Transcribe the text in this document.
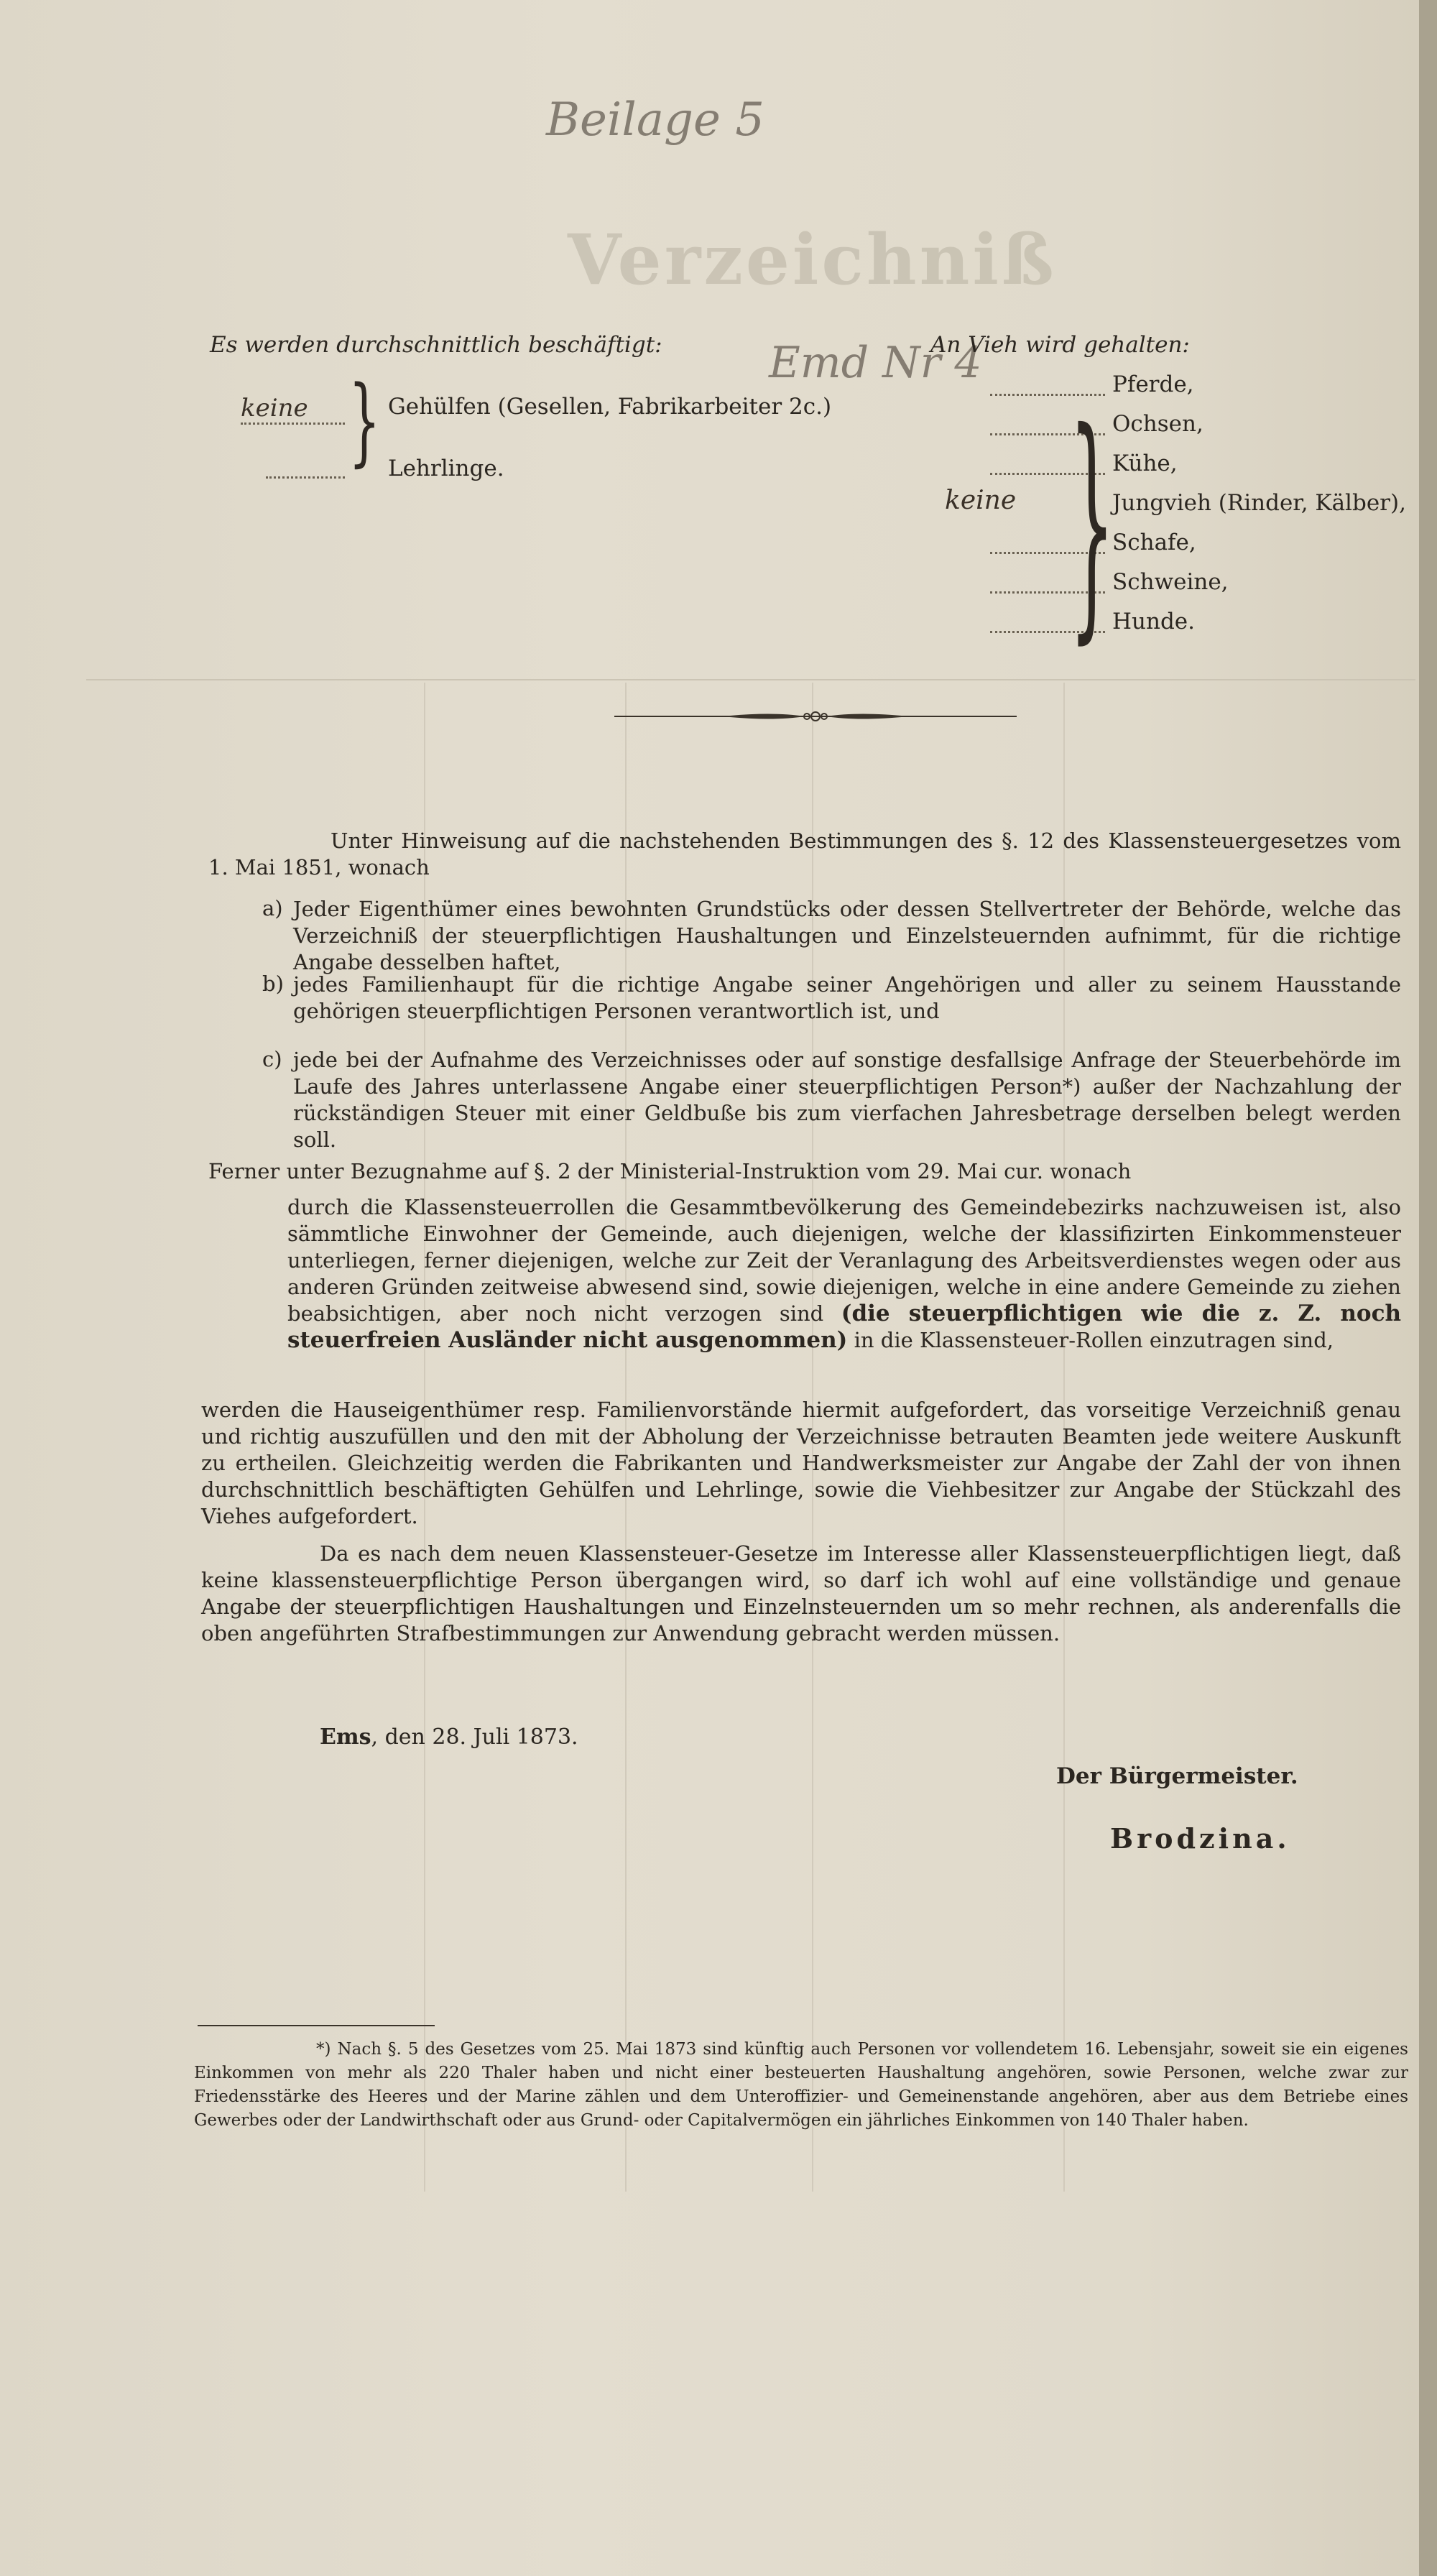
Beilage 5
Verzeichniß
Emd Nr 4
Es werden durchschnittlich beschäftigt:
keine } Gehülfen (Gesellen, Fabrikarbeiter 2c.)
Lehrlinge.
An Vieh wird gehalten:
keine }
Pferde,
Ochsen,
Kühe,
Jungvieh (Rinder, Kälber),
Schafe,
Schweine,
Hunde.

Unter Hinweisung auf die nachstehenden Bestimmungen des §. 12 des Klassensteuergesetzes vom 1. Mai 1851, wonach

a) Jeder Eigenthümer eines bewohnten Grundstücks oder dessen Stellvertreter der Behörde, welche das Verzeichniß der steuerpflichtigen Haushaltungen und Einzelsteuernden aufnimmt, für die richtige Angabe desselben haftet,
b) jedes Familienhaupt für die richtige Angabe seiner Angehörigen und aller zu seinem Hausstande gehörigen steuerpflichtigen Personen verantwortlich ist, und
c) jede bei der Aufnahme des Verzeichnisses oder auf sonstige desfallsige Anfrage der Steuerbehörde im Laufe des Jahres unterlassene Angabe einer steuerpflichtigen Person*) außer der Nachzahlung der rückständigen Steuer mit einer Geldbuße bis zum vierfachen Jahresbetrage derselben belegt werden soll.
Ferner unter Bezugnahme auf §. 2 der Ministerial-Instruktion vom 29. Mai cur. wonach
durch die Klassensteuerrollen die Gesammtbevölkerung des Gemeindebezirks nachzuweisen ist, also sämmtliche Einwohner der Gemeinde, auch diejenigen, welche der klassifizirten Einkommensteuer unterliegen, ferner diejenigen, welche zur Zeit der Veranlagung des Arbeitsverdienstes wegen oder aus anderen Gründen zeitweise abwesend sind, sowie diejenigen, welche in eine andere Gemeinde zu ziehen beabsichtigen, aber noch nicht verzogen sind (die steuerpflichtigen wie die z. Z. noch steuerfreien Ausländer nicht ausgenommen) in die Klassensteuer-Rollen einzutragen sind,
werden die Hauseigenthümer resp. Familienvorstände hiermit aufgefordert, das vorseitige Verzeichniß genau und richtig auszufüllen und den mit der Abholung der Verzeichnisse betrauten Beamten jede weitere Auskunft zu ertheilen. Gleichzeitig werden die Fabrikanten und Handwerksmeister zur Angabe der Zahl der von ihnen durchschnittlich beschäftigten Gehülfen und Lehrlinge, sowie die Viehbesitzer zur Angabe der Stückzahl des Viehes aufgefordert.
Da es nach dem neuen Klassensteuer-Gesetze im Interesse aller Klassensteuerpflichtigen liegt, daß keine klassensteuerpflichtige Person übergangen wird, so darf ich wohl auf eine vollständige und genaue Angabe der steuerpflichtigen Haushaltungen und Einzelnsteuernden um so mehr rechnen, als anderenfalls die oben angeführten Strafbestimmungen zur Anwendung gebracht werden müssen.
Ems, den 28. Juli 1873.
Der Bürgermeister.
Brodzina.
*) Nach §. 5 des Gesetzes vom 25. Mai 1873 sind künftig auch Personen vor vollendetem 16. Lebensjahr, soweit sie ein eigenes Einkommen von mehr als 220 Thaler haben und nicht einer besteuerten Haushaltung angehören, sowie Personen, welche zwar zur Friedensstärke des Heeres und der Marine zählen und dem Unteroffizier- und Gemeinenstande angehören, aber aus dem Betriebe eines Gewerbes oder der Landwirthschaft oder aus Grund- oder Capitalvermögen ein jährliches Einkommen von 140 Thaler haben.
